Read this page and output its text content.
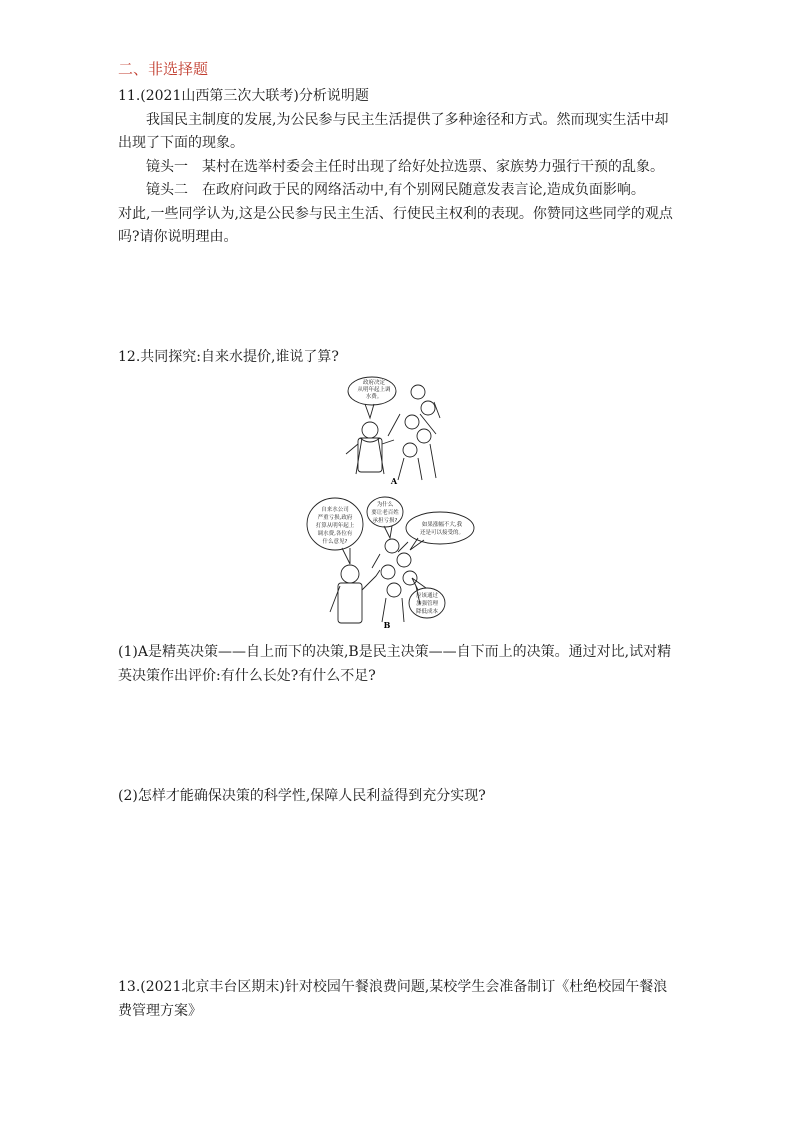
二、非选择题
11.(2021山西第三次大联考)分析说明题
我国民主制度的发展,为公民参与民主生活提供了多种途径和方式。然而现实生活中却
出现了下面的现象。
镜头一　某村在选举村委会主任时出现了给好处拉选票、家族势力强行干预的乱象。
镜头二　在政府问政于民的网络活动中,有个别网民随意发表言论,造成负面影响。
对此,一些同学认为,这是公民参与民主生活、行使民主权利的表现。你赞同这些同学的观点
吗?请你说明理由。
12.共同探究:自来水提价,谁说了算?
政府决定
从明年起上调
水费。
A
自来水公司
严重亏损,政府
打算从明年起上
调水费,各位有
什么意见?
为什么
要让老百姓
承担亏损?
如果涨幅不大,我
还是可以接受的。
应该通过
加强管理
降低成本
B
(1)A是精英决策——自上而下的决策,B是民主决策——自下而上的决策。通过对比,试对精
英决策作出评价:有什么长处?有什么不足?
(2)怎样才能确保决策的科学性,保障人民利益得到充分实现?
13.(2021北京丰台区期末)针对校园午餐浪费问题,某校学生会准备制订《杜绝校园午餐浪
费管理方案》
